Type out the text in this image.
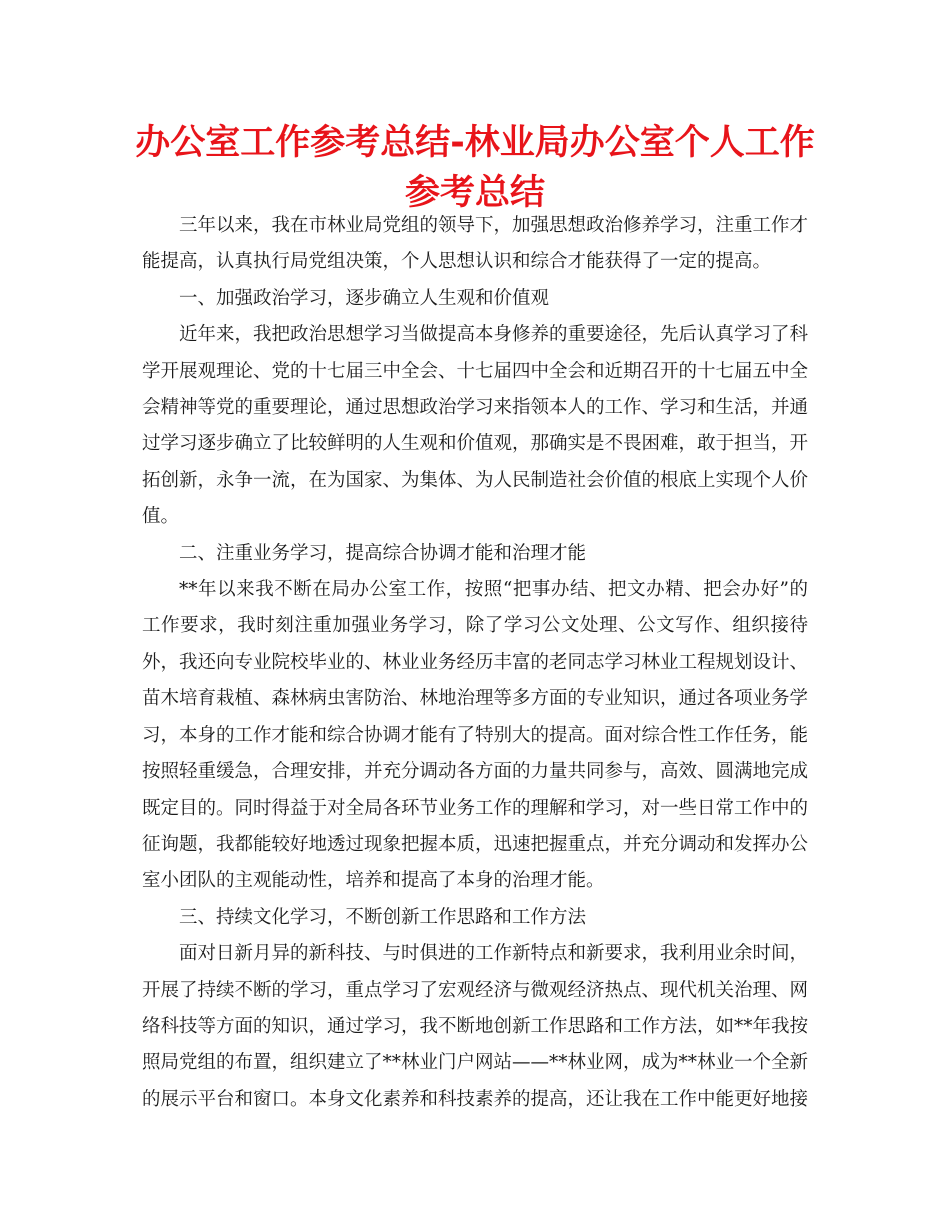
办公室工作参考总结-林业局办公室个人工作参考总结

三年以来，我在市林业局党组的领导下，加强思想政治修养学习，注重工作才能提高，认真执行局党组决策，个人思想认识和综合才能获得了一定的提高。

一、加强政治学习，逐步确立人生观和价值观

近年来，我把政治思想学习当做提高本身修养的重要途径，先后认真学习了科学开展观理论、党的十七届三中全会、十七届四中全会和近期召开的十七届五中全会精神等党的重要理论，通过思想政治学习来指领本人的工作、学习和生活，并通过学习逐步确立了比较鲜明的人生观和价值观，那确实是不畏困难，敢于担当，开拓创新，永争一流，在为国家、为集体、为人民制造社会价值的根底上实现个人价值。

二、注重业务学习，提高综合协调才能和治理才能

**年以来我不断在局办公室工作，按照“把事办结、把文办精、把会办好”的工作要求，我时刻注重加强业务学习，除了学习公文处理、公文写作、组织接待外，我还向专业院校毕业的、林业业务经历丰富的老同志学习林业工程规划设计、苗木培育栽植、森林病虫害防治、林地治理等多方面的专业知识，通过各项业务学习，本身的工作才能和综合协调才能有了特别大的提高。面对综合性工作任务，能按照轻重缓急，合理安排，并充分调动各方面的力量共同参与，高效、圆满地完成既定目的。同时得益于对全局各环节业务工作的理解和学习，对一些日常工作中的征询题，我都能较好地透过现象把握本质，迅速把握重点，并充分调动和发挥办公室小团队的主观能动性，培养和提高了本身的治理才能。

三、持续文化学习，不断创新工作思路和工作方法

面对日新月异的新科技、与时俱进的工作新特点和新要求，我利用业余时间，开展了持续不断的学习，重点学习了宏观经济与微观经济热点、现代机关治理、网络科技等方面的知识，通过学习，我不断地创新工作思路和工作方法，如**年我按照局党组的布置，组织建立了**林业门户网站——**林业网，成为**林业一个全新的展示平台和窗口。本身文化素养和科技素养的提高，还让我在工作中能更好地接
